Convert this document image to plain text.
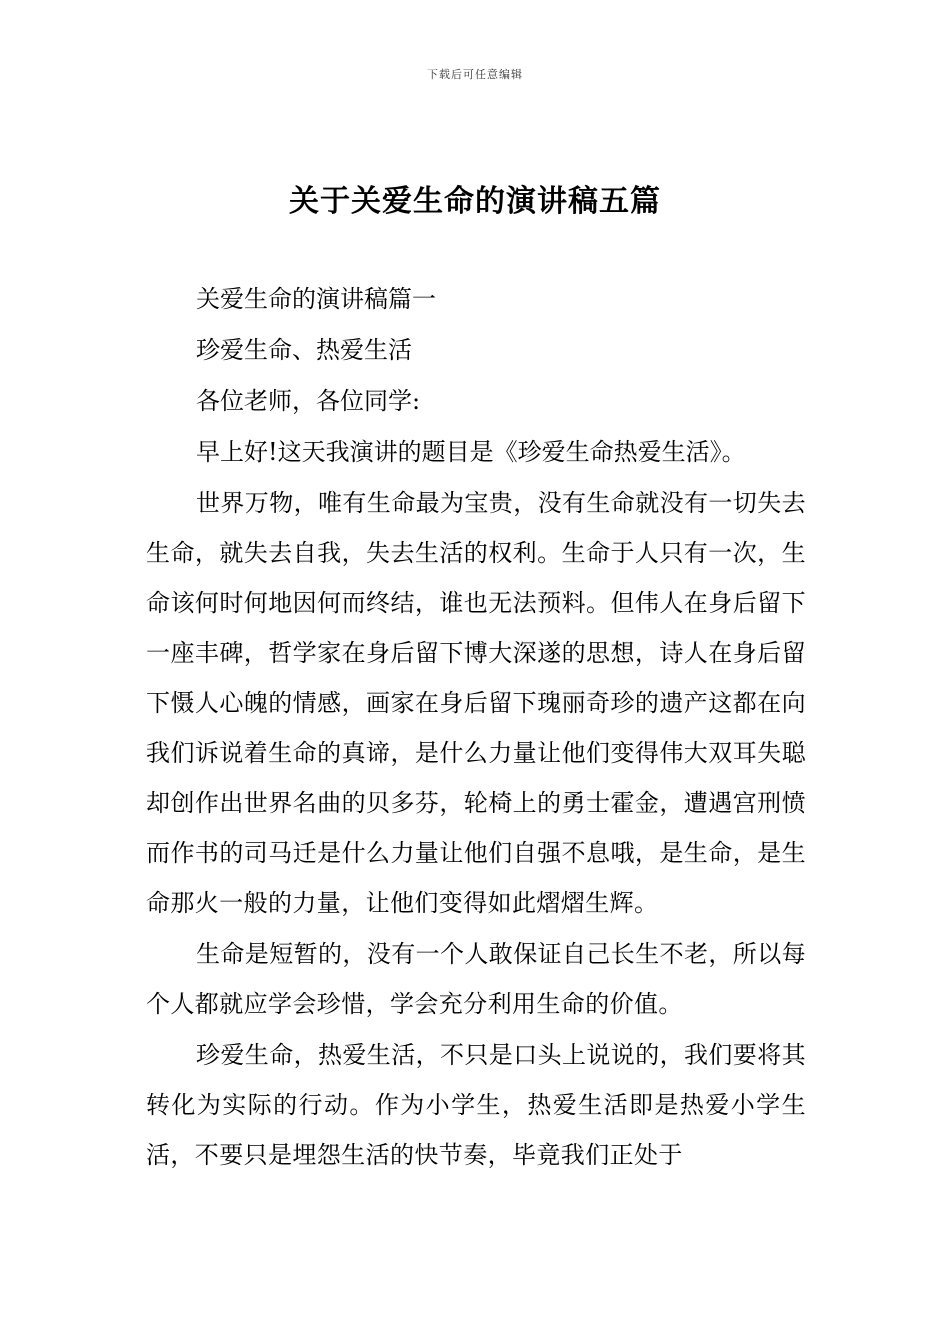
下载后可任意编辑
关于关爱生命的演讲稿五篇

关爱生命的演讲稿篇一

珍爱生命、热爱生活

各位老师，各位同学:

早上好!这天我演讲的题目是《珍爱生命热爱生活》。

世界万物，唯有生命最为宝贵，没有生命就没有一切失去生命，就失去自我，失去生活的权利。生命于人只有一次，生命该何时何地因何而终结，谁也无法预料。但伟人在身后留下一座丰碑，哲学家在身后留下博大深遂的思想，诗人在身后留下慑人心魄的情感，画家在身后留下瑰丽奇珍的遗产这都在向我们诉说着生命的真谛，是什么力量让他们变得伟大双耳失聪却创作出世界名曲的贝多芬，轮椅上的勇士霍金，遭遇宫刑愤而作书的司马迁是什么力量让他们自强不息哦，是生命，是生命那火一般的力量，让他们变得如此熠熠生辉。

生命是短暂的，没有一个人敢保证自己长生不老，所以每个人都就应学会珍惜，学会充分利用生命的价值。

珍爱生命，热爱生活，不只是口头上说说的，我们要将其转化为实际的行动。作为小学生，热爱生活即是热爱小学生活，不要只是埋怨生活的快节奏，毕竟我们正处于
